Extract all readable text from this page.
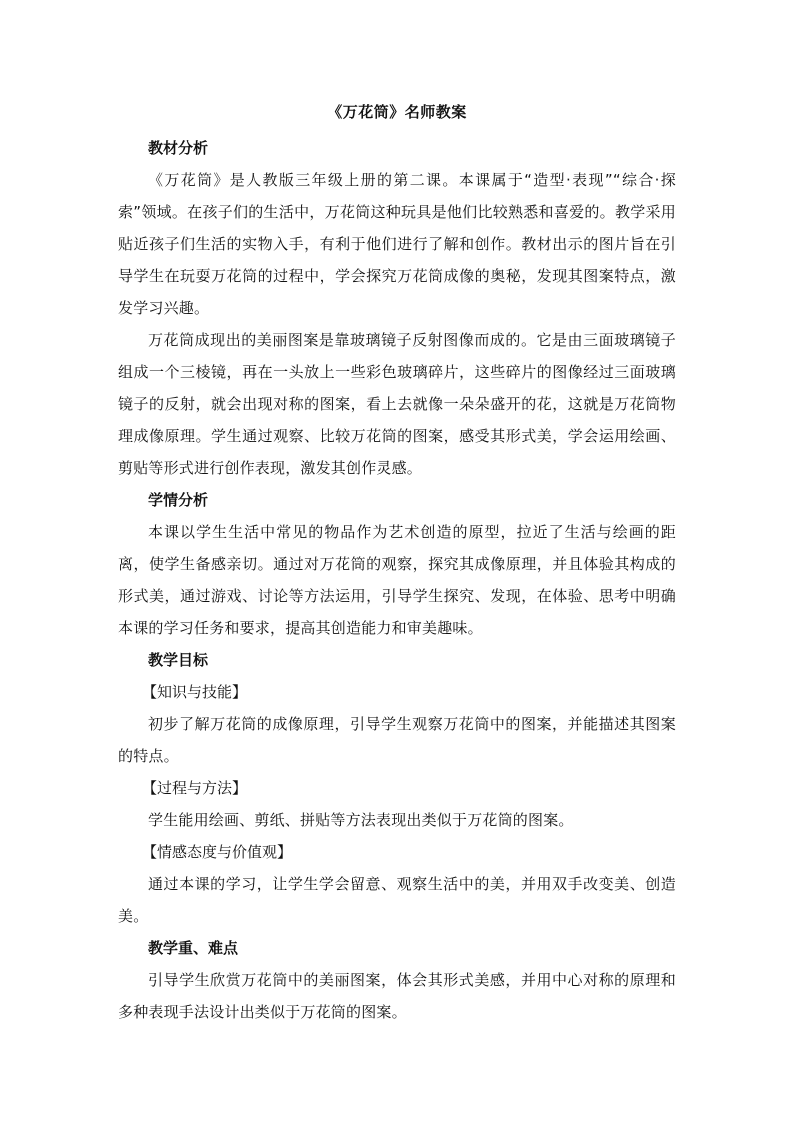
《万花筒》名师教案

教材分析

《万花筒》是人教版三年级上册的第二课。本课属于“造型·表现”“综合·探索”领域。在孩子们的生活中，万花筒这种玩具是他们比较熟悉和喜爱的。教学采用贴近孩子们生活的实物入手，有利于他们进行了解和创作。教材出示的图片旨在引导学生在玩耍万花筒的过程中，学会探究万花筒成像的奥秘，发现其图案特点，激发学习兴趣。

万花筒成现出的美丽图案是靠玻璃镜子反射图像而成的。它是由三面玻璃镜子组成一个三棱镜，再在一头放上一些彩色玻璃碎片，这些碎片的图像经过三面玻璃镜子的反射，就会出现对称的图案，看上去就像一朵朵盛开的花，这就是万花筒物理成像原理。学生通过观察、比较万花筒的图案，感受其形式美，学会运用绘画、剪贴等形式进行创作表现，激发其创作灵感。

学情分析

本课以学生生活中常见的物品作为艺术创造的原型，拉近了生活与绘画的距离，使学生备感亲切。通过对万花筒的观察，探究其成像原理，并且体验其构成的形式美，通过游戏、讨论等方法运用，引导学生探究、发现，在体验、思考中明确本课的学习任务和要求，提高其创造能力和审美趣味。

教学目标

【知识与技能】

初步了解万花筒的成像原理，引导学生观察万花筒中的图案，并能描述其图案的特点。

【过程与方法】

学生能用绘画、剪纸、拼贴等方法表现出类似于万花筒的图案。

【情感态度与价值观】

通过本课的学习，让学生学会留意、观察生活中的美，并用双手改变美、创造美。

教学重、难点

引导学生欣赏万花筒中的美丽图案，体会其形式美感，并用中心对称的原理和多种表现手法设计出类似于万花筒的图案。
